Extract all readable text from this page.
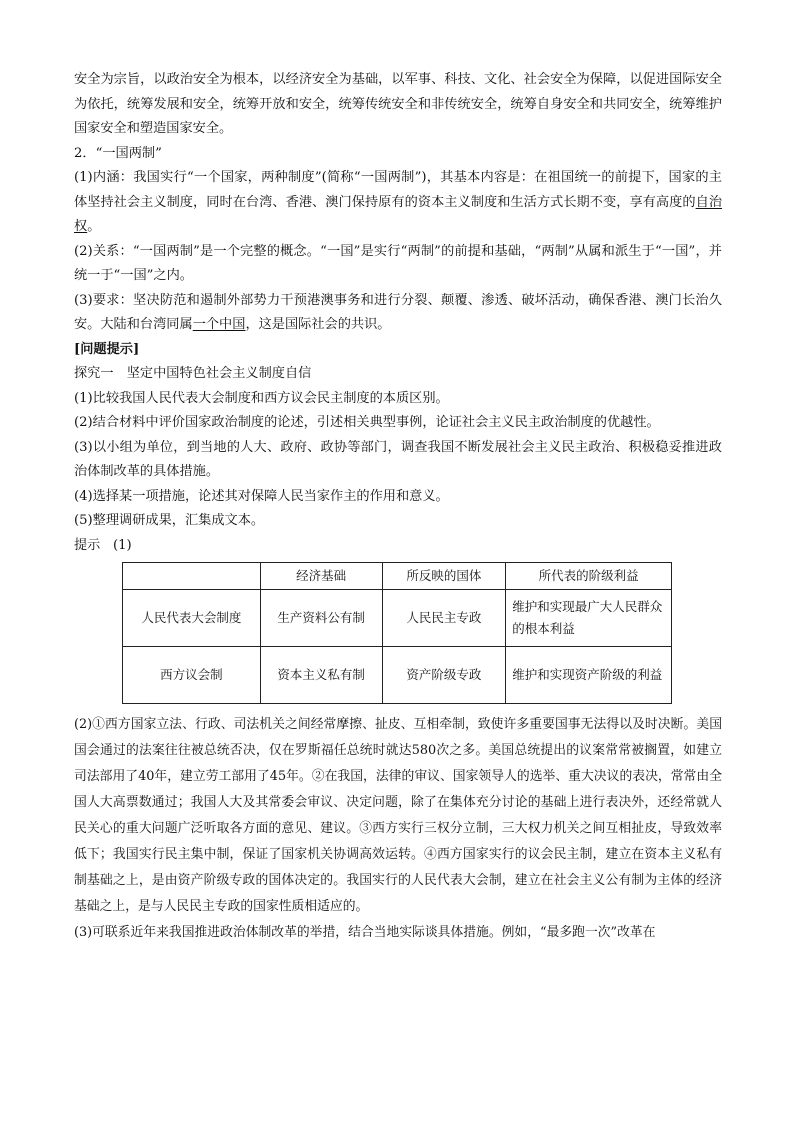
安全为宗旨，以政治安全为根本，以经济安全为基础，以军事、科技、文化、社会安全为保障，以促进国际安全为依托，统筹发展和安全，统筹开放和安全，统筹传统安全和非传统安全，统筹自身安全和共同安全，统筹维护国家安全和塑造国家安全。

2．“一国两制”

(1)内涵：我国实行“一个国家，两种制度”(简称“一国两制”)，其基本内容是：在祖国统一的前提下，国家的主体坚持社会主义制度，同时在台湾、香港、澳门保持原有的资本主义制度和生活方式长期不变，享有高度的自治权。

(2)关系：“一国两制”是一个完整的概念。“一国”是实行“两制”的前提和基础，“两制”从属和派生于“一国”，并统一于“一国”之内。

(3)要求：坚决防范和遏制外部势力干预港澳事务和进行分裂、颠覆、渗透、破坏活动，确保香港、澳门长治久安。大陆和台湾同属一个中国，这是国际社会的共识。

[问题提示]

探究一　坚定中国特色社会主义制度自信

(1)比较我国人民代表大会制度和西方议会民主制度的本质区别。

(2)结合材料中评价国家政治制度的论述，引述相关典型事例，论证社会主义民主政治制度的优越性。

(3)以小组为单位，到当地的人大、政府、政协等部门，调查我国不断发展社会主义民主政治、积极稳妥推进政治体制改革的具体措施。

(4)选择某一项措施，论述其对保障人民当家作主的作用和意义。

(5)整理调研成果，汇集成文本。

提示 (1)

	经济基础	所反映的国体	所代表的阶级利益
人民代表大会制度	生产资料公有制	人民民主专政	维护和实现最广大人民群众的根本利益
西方议会制	资本主义私有制	资产阶级专政	维护和实现资产阶级的利益

(2)①西方国家立法、行政、司法机关之间经常摩擦、扯皮、互相牵制，致使许多重要国事无法得以及时决断。美国国会通过的法案往往被总统否决，仅在罗斯福任总统时就达580次之多。美国总统提出的议案常常被搁置，如建立司法部用了40年，建立劳工部用了45年。②在我国，法律的审议、国家领导人的选举、重大决议的表决，常常由全国人大高票数通过；我国人大及其常委会审议、决定问题，除了在集体充分讨论的基础上进行表决外，还经常就人民关心的重大问题广泛听取各方面的意见、建议。③西方实行三权分立制，三大权力机关之间互相扯皮，导致效率低下；我国实行民主集中制，保证了国家机关协调高效运转。④西方国家实行的议会民主制，建立在资本主义私有制基础之上，是由资产阶级专政的国体决定的。我国实行的人民代表大会制，建立在社会主义公有制为主体的经济基础之上，是与人民民主专政的国家性质相适应的。

(3)可联系近年来我国推进政治体制改革的举措，结合当地实际谈具体措施。例如，“最多跑一次”改革在
